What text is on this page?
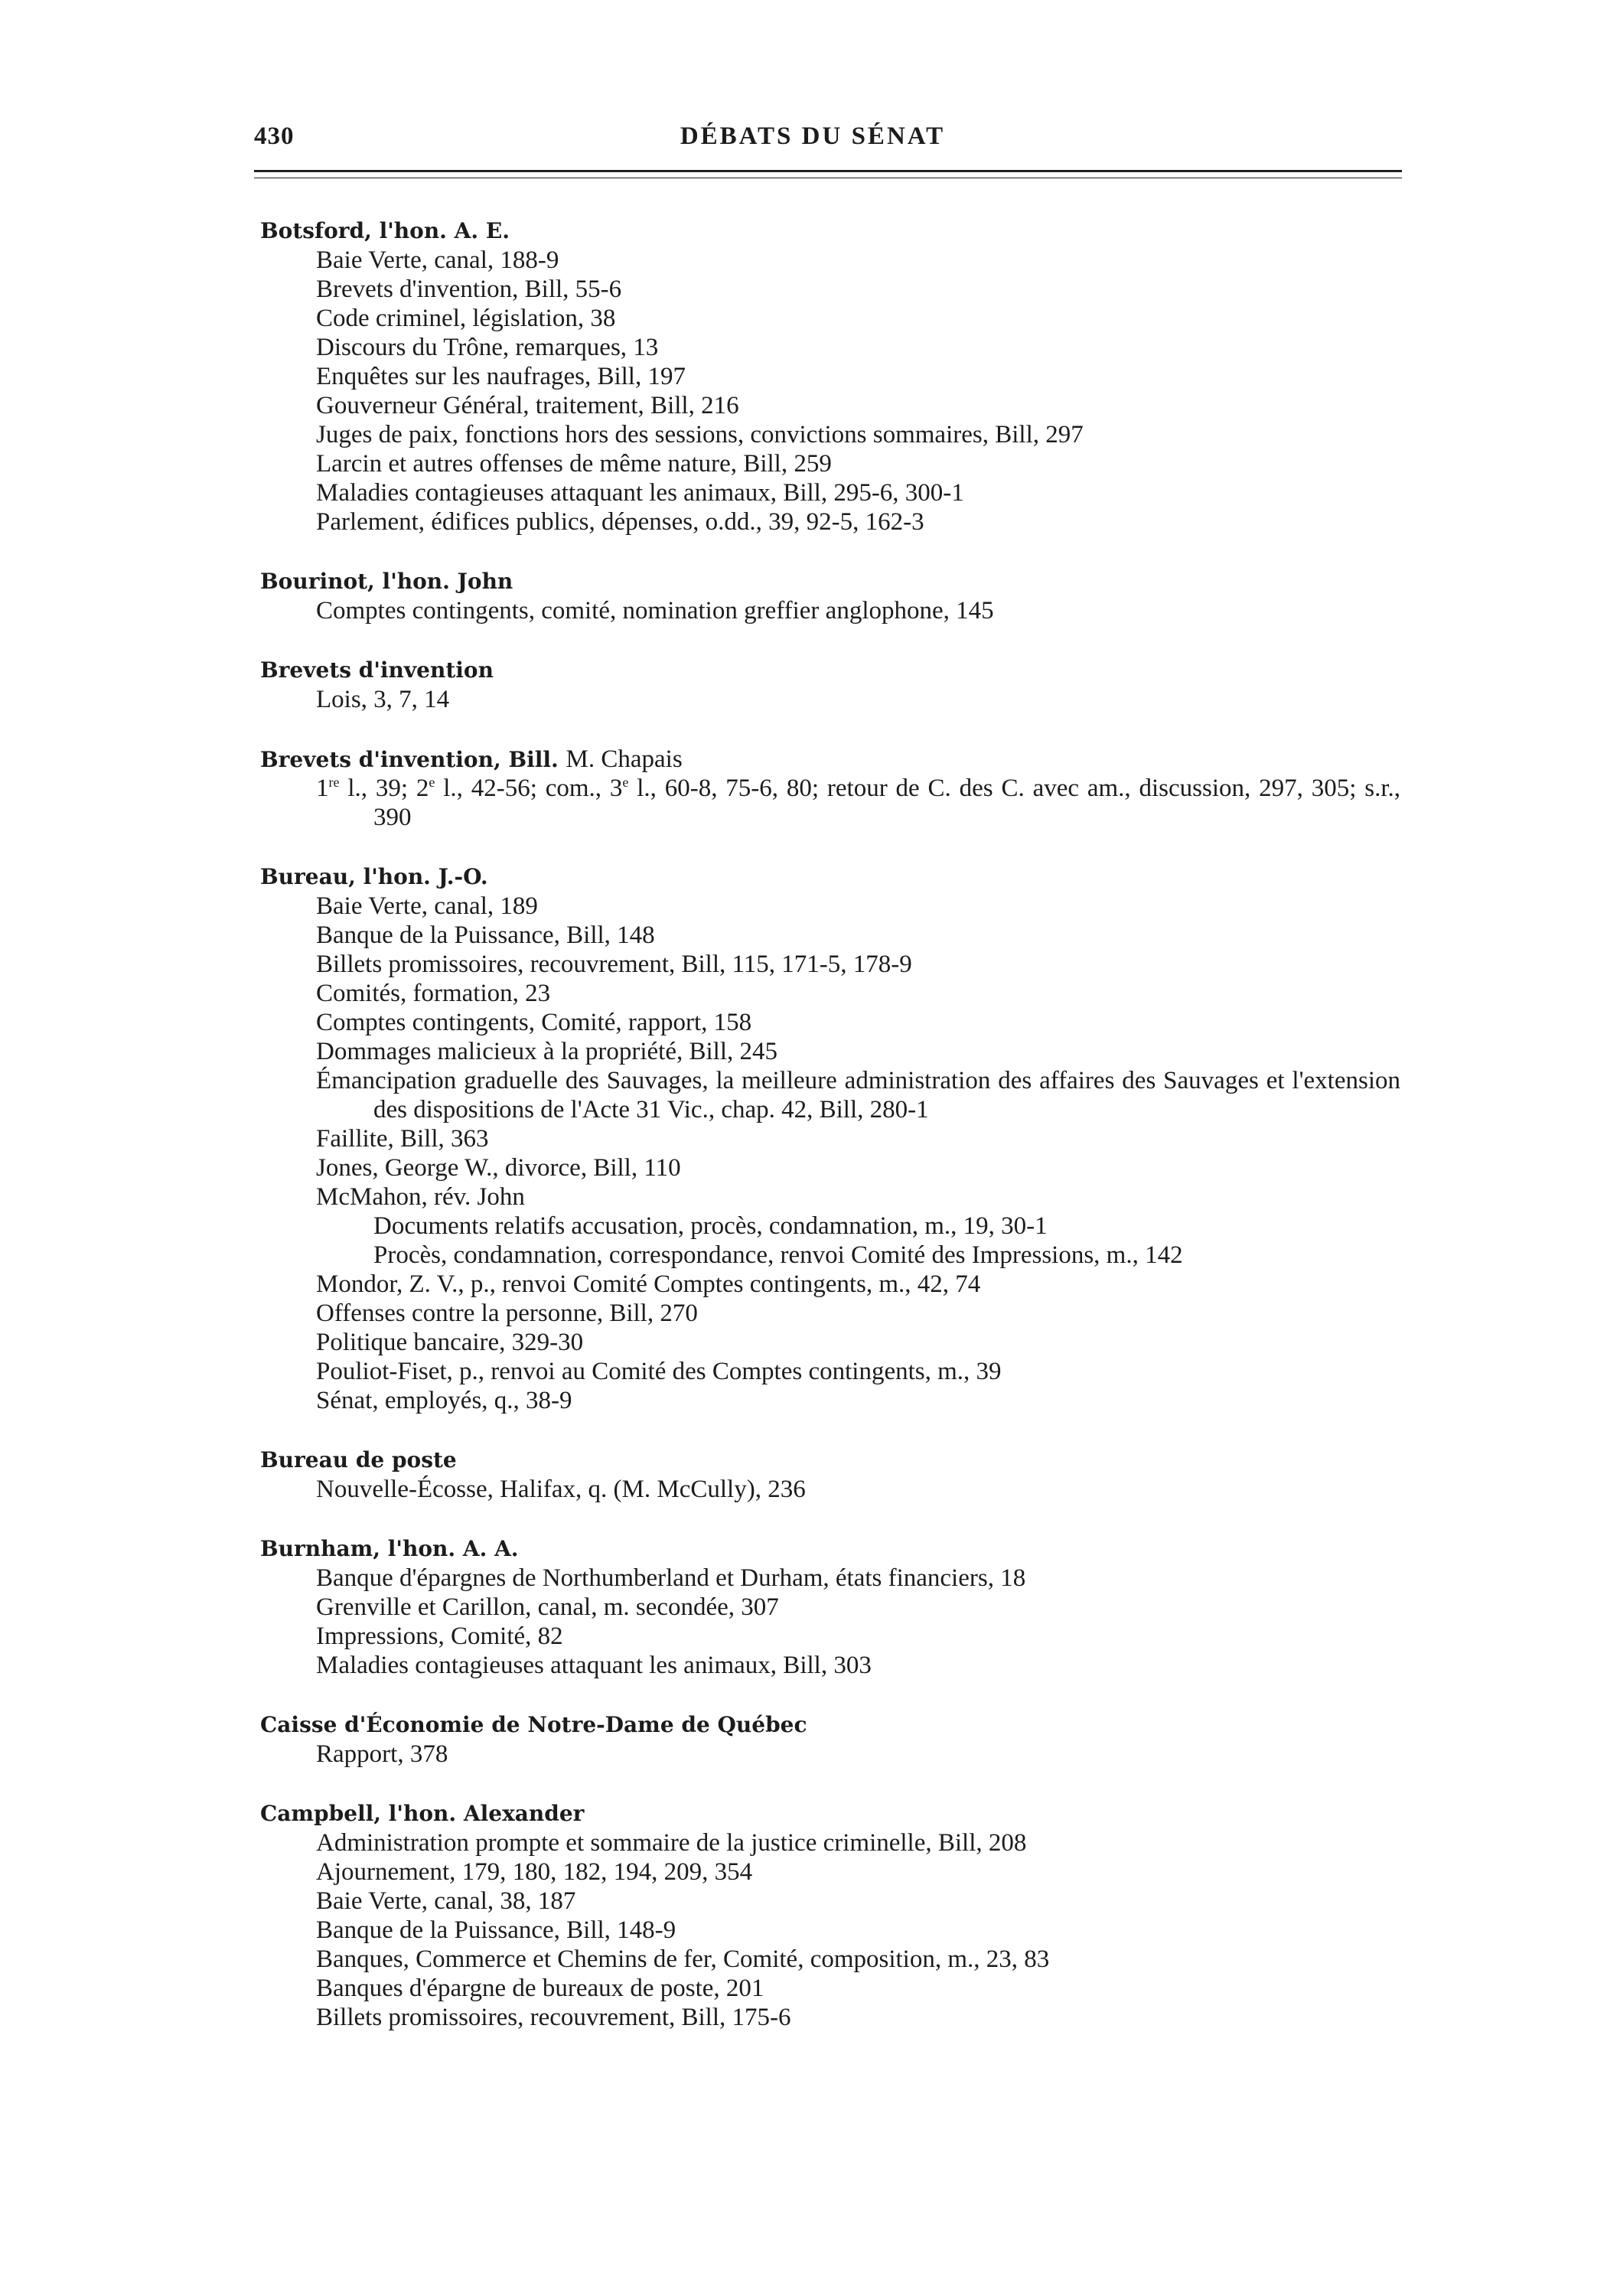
430	DÉBATS DU SÉNAT
Botsford, l'hon. A. E.
Baie Verte, canal, 188-9
Brevets d'invention, Bill, 55-6
Code criminel, législation, 38
Discours du Trône, remarques, 13
Enquêtes sur les naufrages, Bill, 197
Gouverneur Général, traitement, Bill, 216
Juges de paix, fonctions hors des sessions, convictions sommaires, Bill, 297
Larcin et autres offenses de même nature, Bill, 259
Maladies contagieuses attaquant les animaux, Bill, 295-6, 300-1
Parlement, édifices publics, dépenses, o.dd., 39, 92-5, 162-3
Bourinot, l'hon. John
Comptes contingents, comité, nomination greffier anglophone, 145
Brevets d'invention
Lois, 3, 7, 14
Brevets d'invention, Bill. M. Chapais
1re l., 39; 2e l., 42-56; com., 3e l., 60-8, 75-6, 80; retour de C. des C. avec am., discussion, 297, 305; s.r., 390
Bureau, l'hon. J.-O.
Baie Verte, canal, 189
Banque de la Puissance, Bill, 148
Billets promissoires, recouvrement, Bill, 115, 171-5, 178-9
Comités, formation, 23
Comptes contingents, Comité, rapport, 158
Dommages malicieux à la propriété, Bill, 245
Émancipation graduelle des Sauvages, la meilleure administration des affaires des Sauvages et l'extension des dispositions de l'Acte 31 Vic., chap. 42, Bill, 280-1
Faillite, Bill, 363
Jones, George W., divorce, Bill, 110
McMahon, rév. John
Documents relatifs accusation, procès, condamnation, m., 19, 30-1
Procès, condamnation, correspondance, renvoi Comité des Impressions, m., 142
Mondor, Z. V., p., renvoi Comité Comptes contingents, m., 42, 74
Offenses contre la personne, Bill, 270
Politique bancaire, 329-30
Pouliot-Fiset, p., renvoi au Comité des Comptes contingents, m., 39
Sénat, employés, q., 38-9
Bureau de poste
Nouvelle-Écosse, Halifax, q. (M. McCully), 236
Burnham, l'hon. A. A.
Banque d'épargnes de Northumberland et Durham, états financiers, 18
Grenville et Carillon, canal, m. secondée, 307
Impressions, Comité, 82
Maladies contagieuses attaquant les animaux, Bill, 303
Caisse d'Économie de Notre-Dame de Québec
Rapport, 378
Campbell, l'hon. Alexander
Administration prompte et sommaire de la justice criminelle, Bill, 208
Ajournement, 179, 180, 182, 194, 209, 354
Baie Verte, canal, 38, 187
Banque de la Puissance, Bill, 148-9
Banques, Commerce et Chemins de fer, Comité, composition, m., 23, 83
Banques d'épargne de bureaux de poste, 201
Billets promissoires, recouvrement, Bill, 175-6
